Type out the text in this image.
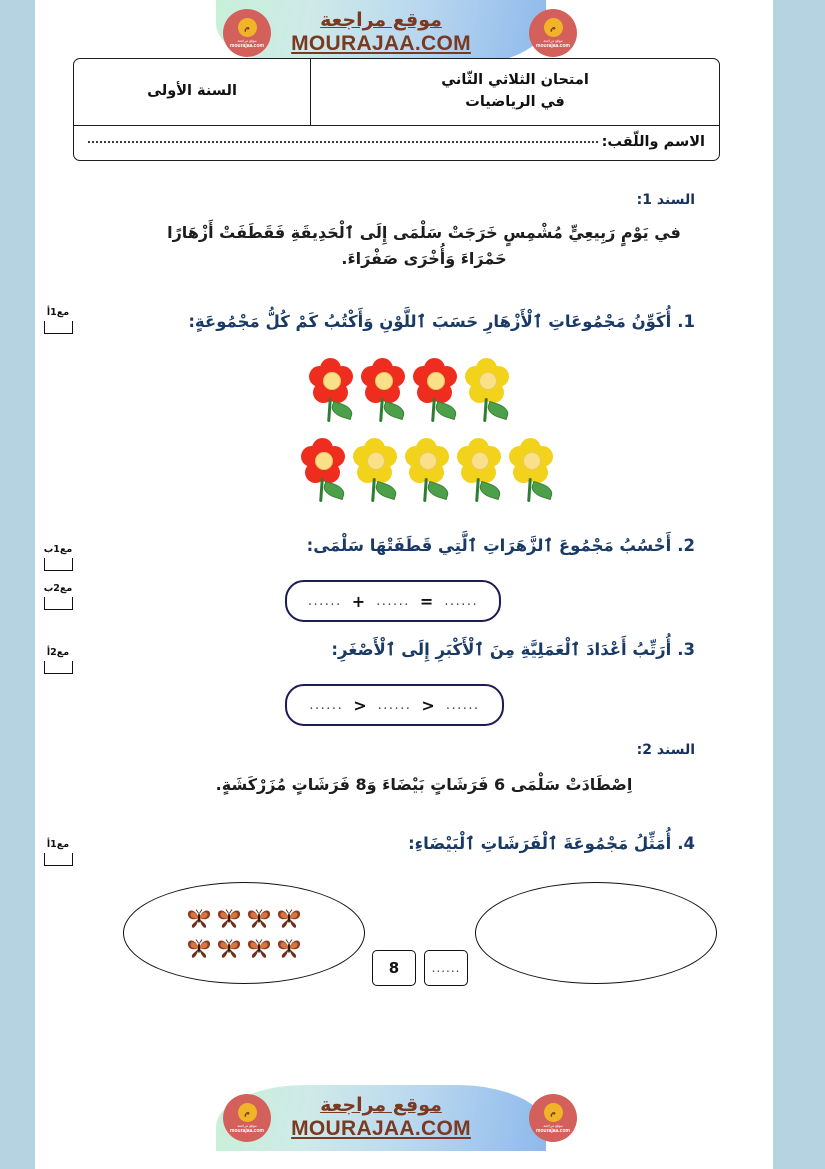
م
موقع مراجعة
mourajaa.com
موقع مراجعة
MOURAJAA.COM
م
موقع مراجعة
mourajaa.com
امتحان الثلاثي الثّاني
في الرياضيات
السنة الأولى
الاسم واللّقب:
السند 1:
في يَوْمٍ رَبِيعِيٍّ مُشْمِسٍ خَرَجَتْ سَلْمَى إِلَى ٱلْحَدِيقَةِ فَقَطَفَتْ أَزْهَارًا حَمْرَاءَ وَأُخْرَى صَفْرَاءَ.
مع1أ	1. أُكَوِّنُ مَجْمُوعَاتِ ٱلْأَزْهَارِ حَسَبَ ٱللَّوْنِ وَأَكْتُبُ كَمْ كُلُّ مَجْمُوعَةٍ:
مع1ب
مع2ب
2. أَحْسُبُ مَجْمُوعَ ٱلزَّهَرَاتِ ٱلَّتِي قَطَفَتْهَا سَلْمَى:
......
=
......
+
......
مع2أ	3. أُرَتِّبُ أَعْدَادَ ٱلْعَمَلِيَّةِ مِنَ ٱلْأَكْبَرِ إِلَى ٱلْأَصْغَرِ:
......
<
......
<
......
السند 2:
اِصْطَادَتْ سَلْمَى 6 فَرَشَاتٍ بَيْضَاءَ وَ8 فَرَشَاتٍ مُزَرْكَشَةٍ.
مع1أ	4. أُمَثِّلُ مَجْمُوعَةَ ٱلْفَرَشَاتِ ٱلْبَيْضَاءِ:
8	......
م
موقع مراجعة
mourajaa.com
موقع مراجعة
MOURAJAA.COM
م
موقع مراجعة
mourajaa.com
